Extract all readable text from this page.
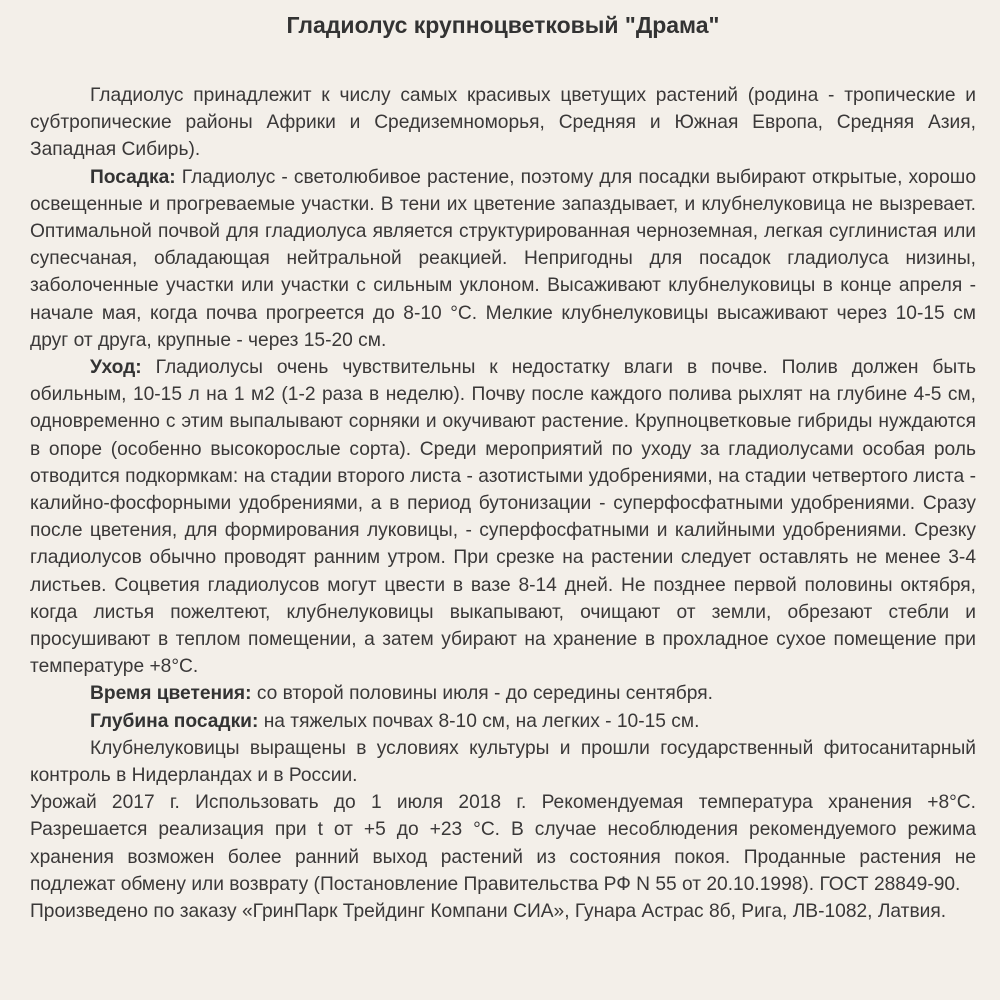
Гладиолус крупноцветковый "Драма"

Гладиолус принадлежит к числу самых красивых цветущих растений (родина - тропические и субтропические районы Африки и Средиземноморья, Средняя и Южная Европа, Средняя Азия, Западная Сибирь).

Посадка: Гладиолус - светолюбивое растение, поэтому для посадки выбирают открытые, хорошо освещенные и прогреваемые участки. В тени их цветение запаздывает, и клубнелуковица не вызревает. Оптимальной почвой для гладиолуса является структурированная черноземная, легкая суглинистая или супесчаная, обладающая нейтральной реакцией. Непригодны для посадок гладиолуса низины, заболоченные участки или участки с сильным уклоном. Высаживают клубнелуковицы в конце апреля - начале мая, когда почва прогреется до 8-10 °С. Мелкие клубнелуковицы высаживают через 10-15 см друг от друга, крупные - через 15-20 см.

Уход: Гладиолусы очень чувствительны к недостатку влаги в почве. Полив должен быть обильным, 10-15 л на 1 м2 (1-2 раза в неделю). Почву после каждого полива рыхлят на глубине 4-5 см, одновременно с этим выпалывают сорняки и окучивают растение. Крупноцветковые гибриды нуждаются в опоре (особенно высокорослые сорта). Среди мероприятий по уходу за гладиолусами особая роль отводится подкормкам: на стадии второго листа - азотистыми удобрениями, на стадии четвертого листа - калийно-фосфорными удобрениями, а в период бутонизации - суперфосфатными удобрениями. Сразу после цветения, для формирования луковицы, - суперфосфатными и калийными удобрениями. Срезку гладиолусов обычно проводят ранним утром. При срезке на растении следует оставлять не менее 3-4 листьев. Соцветия гладиолусов могут цвести в вазе 8-14 дней. Не позднее первой половины октября, когда листья пожелтеют, клубнелуковицы выкапывают, очищают от земли, обрезают стебли и просушивают в теплом помещении, а затем убирают на хранение в прохладное сухое помещение при температуре +8°С.

Время цветения: со второй половины июля - до середины сентября.

Глубина посадки: на тяжелых почвах 8-10 см, на легких - 10-15 см.

Клубнелуковицы выращены в условиях культуры и прошли государственный фитосанитарный контроль в Нидерландах и в России.

Урожай 2017 г. Использовать до 1 июля 2018 г. Рекомендуемая температура хранения +8°С. Разрешается реализация при t от +5 до +23 °С. В случае несоблюдения рекомендуемого режима хранения возможен более ранний выход растений из состояния покоя. Проданные растения не подлежат обмену или возврату (Постановление Правительства РФ N 55 от 20.10.1998). ГОСТ 28849-90.

Произведено по заказу «ГринПарк Трейдинг Компани СИА», Гунара Астрас 8б, Рига, ЛВ-1082, Латвия.
